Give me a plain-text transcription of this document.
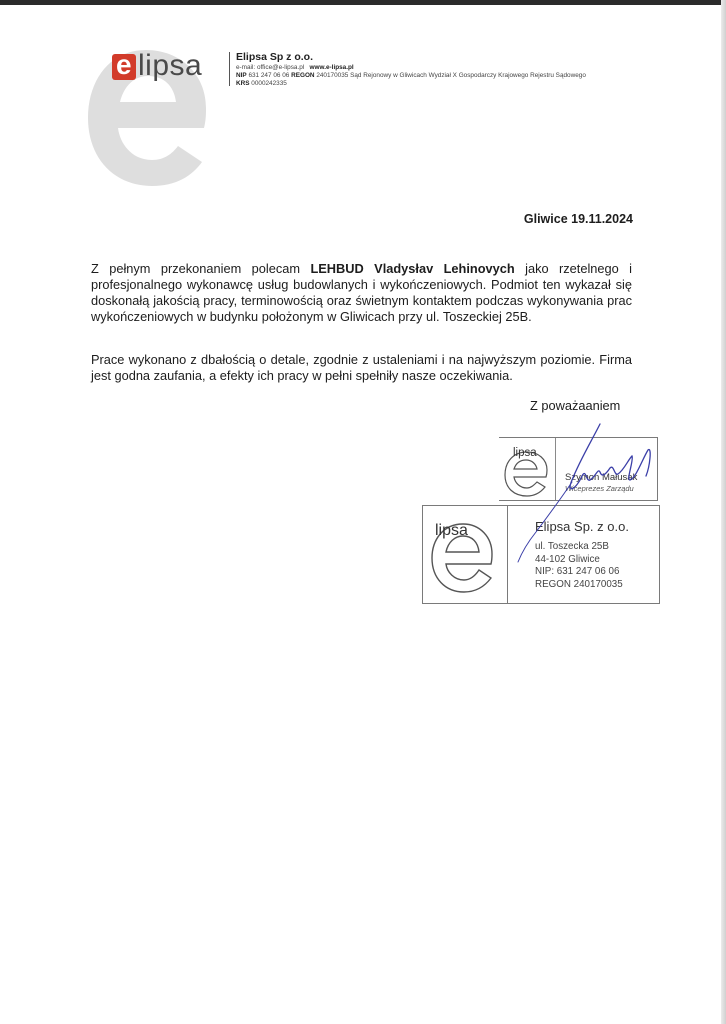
e lipsa	Elipsa Sp z o.o.
e-mail: office@e-lipsa.pl www.e-lipsa.pl
NIP 631 247 06 06 REGON 240170035 Sąd Rejonowy w Gliwicach Wydział X Gospodarczy Krajowego Rejestru Sądowego
KRS 0000242335
Gliwice 19.11.2024
Z pełnym przekonaniem polecam LEHBUD Vladysłav Lehinovych jako rzetelnego i profesjonalnego wykonawcę usług budowlanych i wykończeniowych. Podmiot ten wykazał się doskonałą jakością pracy, terminowością oraz świetnym kontaktem podczas wykonywania prac wykończeniowych w budynku położonym w Gliwicach przy ul. Toszeckiej 25B.
Prace wykonano z dbałością o detale, zgodnie z ustaleniami i na najwyższym poziomie. Firma jest godna zaufania, a efekty ich pracy w pełni spełniły nasze oczekiwania.
Z poważaaniem
lipsa
Szymon Małusak
Wiceprezes Zarządu
lipsa	Elipsa Sp. z o.o.
ul. Toszecka 25B
44-102 Gliwice
NIP: 631 247 06 06
REGON 240170035
